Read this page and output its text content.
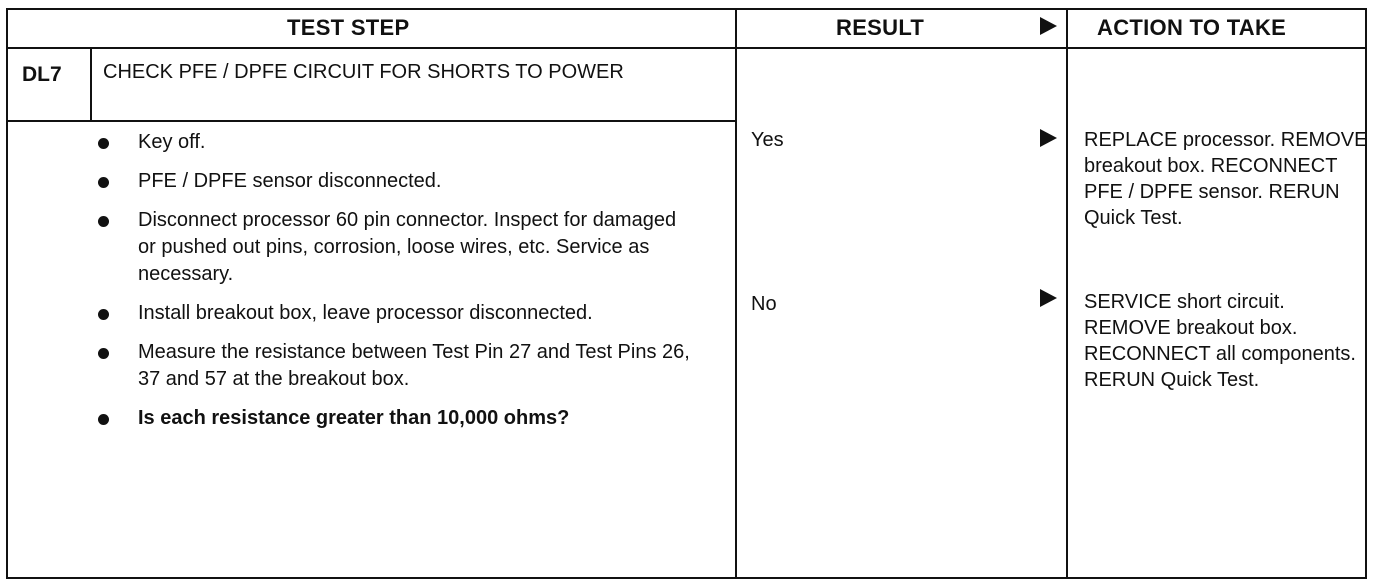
TEST STEP	RESULT	ACTION TO TAKE
DL7 CHECK PFE / DPFE CIRCUIT FOR SHORTS TO POWER
Key off.
PFE / DPFE sensor disconnected.
Disconnect processor 60 pin connector. Inspect for damaged or pushed out pins, corrosion, loose wires, etc. Service as necessary.
Install breakout box, leave processor disconnected.
Measure the resistance between Test Pin 27 and Test Pins 26, 37 and 57 at the breakout box.
Is each resistance greater than 10,000 ohms?
Yes	REPLACE processor. REMOVE breakout box. RECONNECT PFE / DPFE sensor. RERUN Quick Test.
No	SERVICE short circuit. REMOVE breakout box. RECONNECT all components. RERUN Quick Test.
